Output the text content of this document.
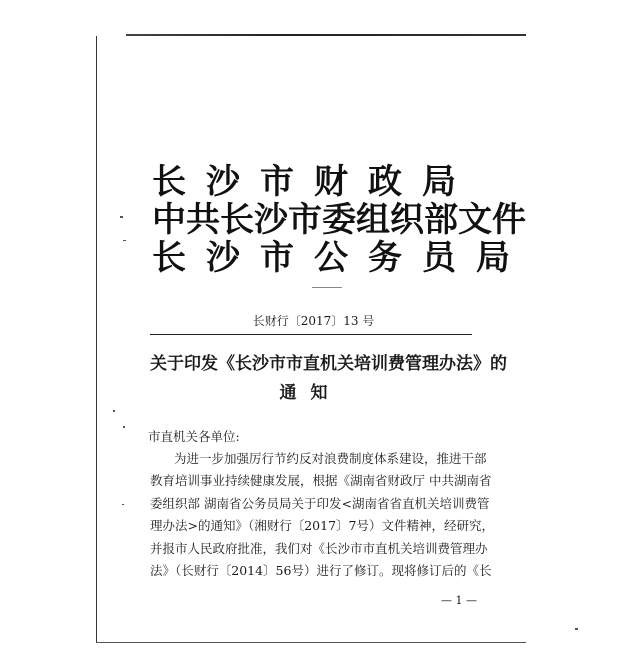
长沙市财政局
中共长沙市委组织部文件
长沙市公务员局
长财行〔2017〕13 号
关于印发《长沙市市直机关培训费管理办法》的
通知
市直机关各单位:
为进一步加强厉行节约反对浪费制度体系建设，推进干部
教育培训事业持续健康发展，根据《湖南省财政厅 中共湖南省
委组织部 湖南省公务员局关于印发<湖南省省直机关培训费管
理办法>的通知》（湘财行〔2017〕7号）文件精神，经研究，
并报市人民政府批准，我们对《长沙市市直机关培训费管理办
法》（长财行〔2014〕56号）进行了修订。现将修订后的《长
— 1 —
